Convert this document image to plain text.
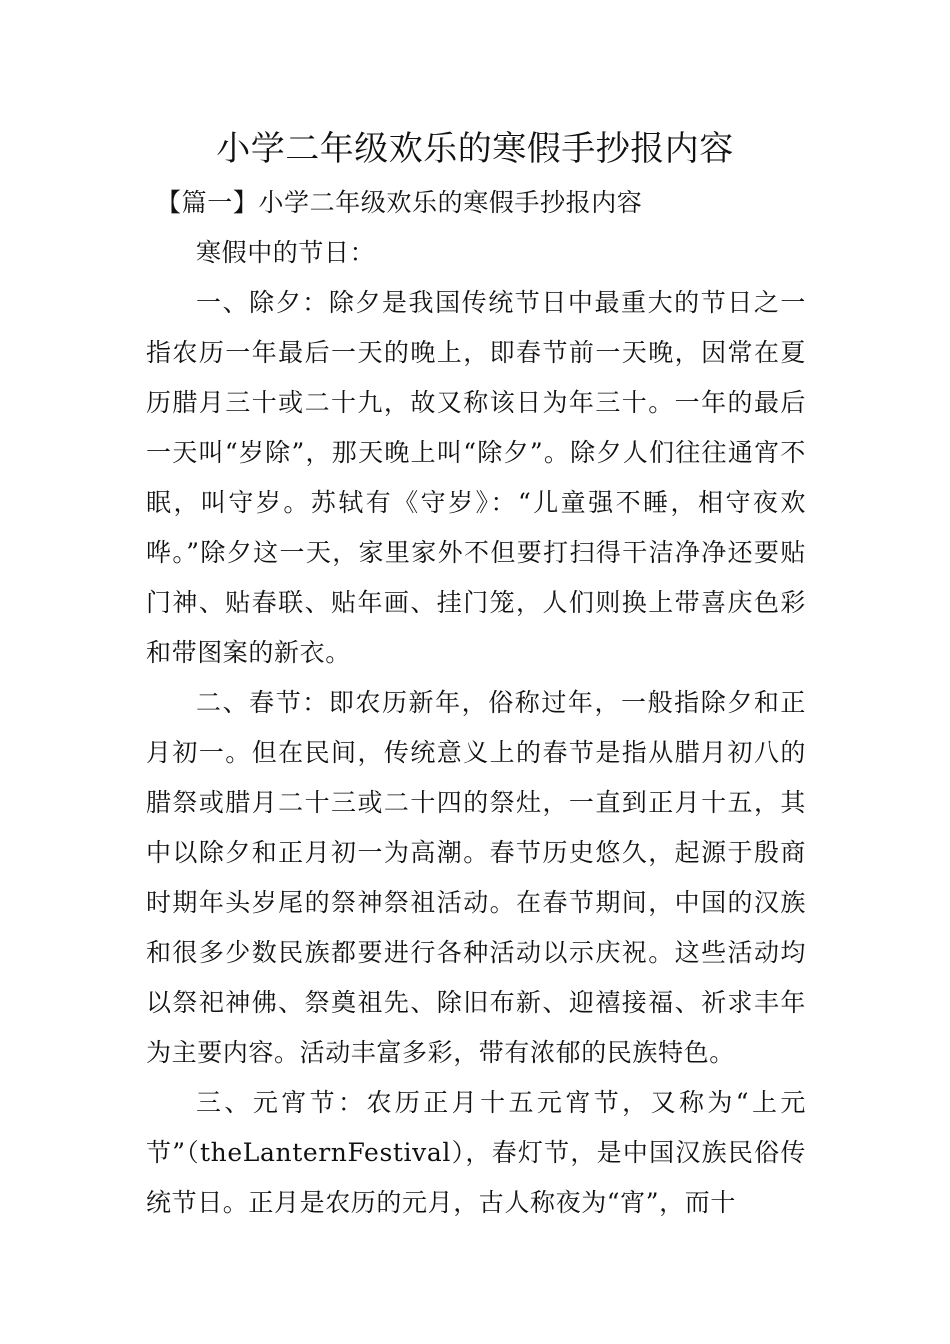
小学二年级欢乐的寒假手抄报内容

【篇一】小学二年级欢乐的寒假手抄报内容

寒假中的节日：

一、除夕：除夕是我国传统节日中最重大的节日之一指农历一年最后一天的晚上，即春节前一天晚，因常在夏历腊月三十或二十九，故又称该日为年三十。一年的最后一天叫“岁除”，那天晚上叫“除夕”。除夕人们往往通宵不眠，叫守岁。苏轼有《守岁》：“儿童强不睡，相守夜欢哗。”除夕这一天，家里家外不但要打扫得干洁净净还要贴门神、贴春联、贴年画、挂门笼，人们则换上带喜庆色彩和带图案的新衣。

二、春节：即农历新年，俗称过年，一般指除夕和正月初一。但在民间，传统意义上的春节是指从腊月初八的腊祭或腊月二十三或二十四的祭灶，一直到正月十五，其中以除夕和正月初一为高潮。春节历史悠久，起源于殷商时期年头岁尾的祭神祭祖活动。在春节期间，中国的汉族和很多少数民族都要进行各种活动以示庆祝。这些活动均以祭祀神佛、祭奠祖先、除旧布新、迎禧接福、祈求丰年为主要内容。活动丰富多彩，带有浓郁的民族特色。

三、元宵节：农历正月十五元宵节，又称为“上元节”（theLanternFestival），春灯节，是中国汉族民俗传统节日。正月是农历的元月，古人称夜为“宵”，而十
